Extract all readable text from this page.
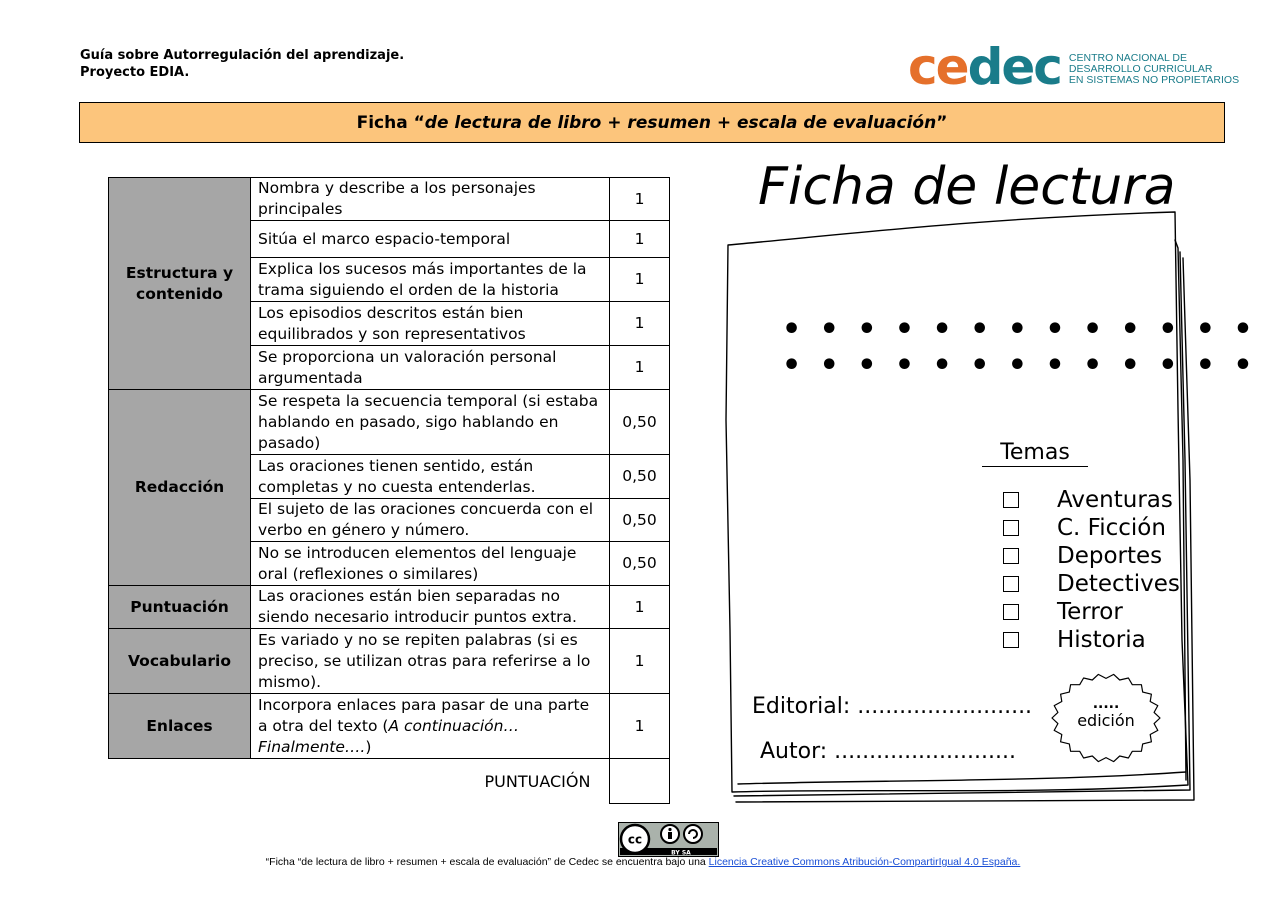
Guía sobre Autorregulación del aprendizaje.
Proyecto EDIA.	cedec CENTRO NACIONAL DE
DESARROLLO CURRICULAR
EN SISTEMAS NO PROPIETARIOS
Ficha “ de lectura de libro + resumen + escala de evaluación ”
Estructura y contenido	Nombra y describe a los personajes principales	1
	Sitúa el marco espacio-temporal	1
	Explica los sucesos más importantes de la trama siguiendo el orden de la historia	1
	Los episodios descritos están bien equilibrados y son representativos	1
	Se proporciona un valoración personal argumentada	1
Redacción	Se respeta la secuencia temporal (si estaba hablando en pasado, sigo hablando en pasado)	0,50
	Las oraciones tienen sentido, están completas y no cuesta entenderlas.	0,50
	El sujeto de las oraciones concuerda con el verbo en género y número.	0,50
	No se introducen elementos del lenguaje oral (reflexiones o similares)	0,50
Puntuación	Las oraciones están bien separadas no siendo necesario introducir puntos extra.	1
Vocabulario	Es variado y no se repiten palabras (si es preciso, se utilizan otras para referirse a lo mismo).	1
Enlaces	Incorpora enlaces para pasar de una parte a otra del texto (A continuación… Finalmente….)	1

PUNTUACIÓN	

Ficha de lectura
• • • • • • • • • • • • • • • • • • • • • • • • • •
Temas
Aventuras
C. Ficción
Deportes
Detectives
Terror
Historia
Editorial: .........................
Autor: ..........................
.....
edición
cc
BY SA
“Ficha “de lectura de libro + resumen + escala de evaluación” de Cedec se encuentra bajo una Licencia Creative Commons Atribución-CompartirIgual 4.0 España.
